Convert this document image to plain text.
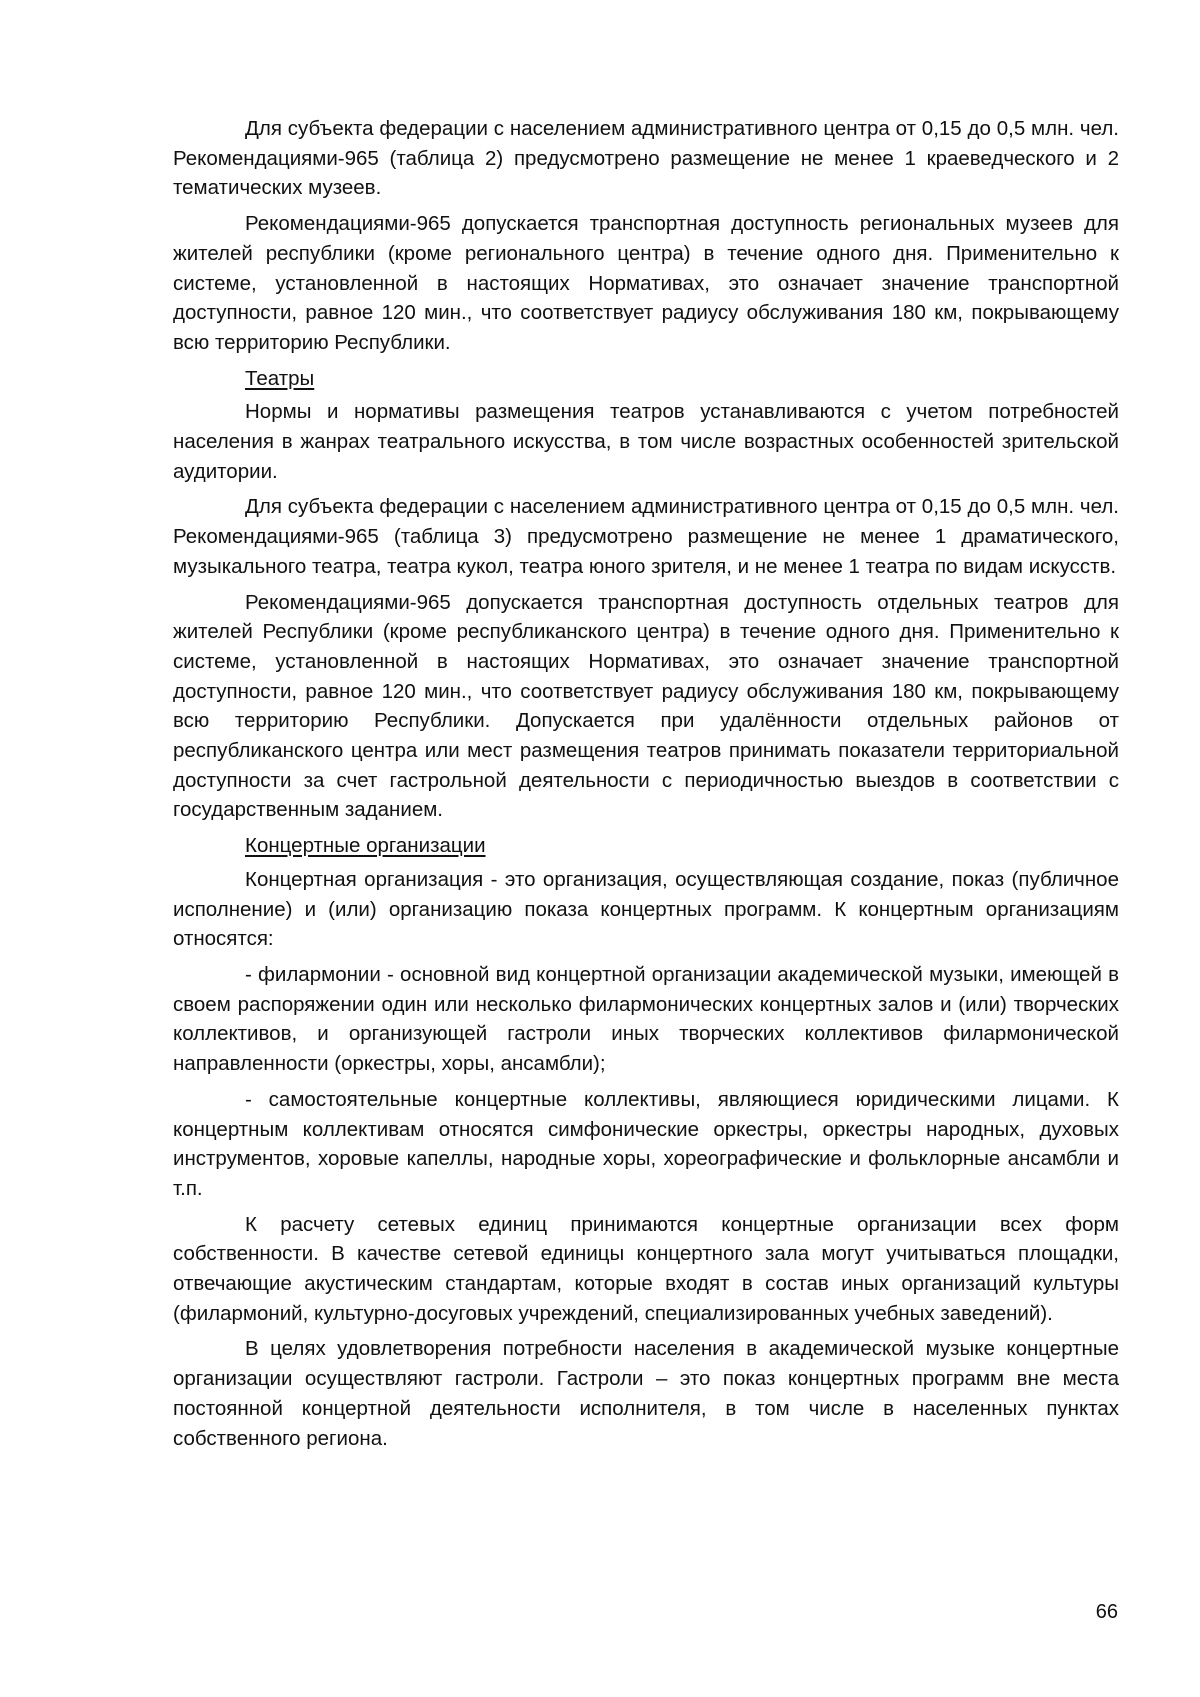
Для субъекта федерации с населением административного центра от 0,15 до 0,5 млн. чел. Рекомендациями-965 (таблица 2) предусмотрено размещение не менее 1 краеведческого и 2 тематических музеев.

Рекомендациями-965 допускается транспортная доступность региональных музеев для жителей республики (кроме регионального центра) в течение одного дня. Применительно к системе, установленной в настоящих Нормативах, это означает значение транспортной доступности, равное 120 мин., что соответствует радиусу обслуживания 180 км, покрывающему всю территорию Республики.

Театры

Нормы и нормативы размещения театров устанавливаются с учетом потребностей населения в жанрах театрального искусства, в том числе возрастных особенностей зрительской аудитории.

Для субъекта федерации с населением административного центра от 0,15 до 0,5 млн. чел. Рекомендациями-965 (таблица 3) предусмотрено размещение не менее 1 драматического, музыкального театра, театра кукол, театра юного зрителя, и не менее 1 театра по видам искусств.

Рекомендациями-965 допускается транспортная доступность отдельных театров для жителей Республики (кроме республиканского центра) в течение одного дня. Применительно к системе, установленной в настоящих Нормативах, это означает значение транспортной доступности, равное 120 мин., что соответствует радиусу обслуживания 180 км, покрывающему всю территорию Республики. Допускается при удалённости отдельных районов от республиканского центра или мест размещения театров принимать показатели территориальной доступности за счет гастрольной деятельности с периодичностью выездов в соответствии с государственным заданием.

Концертные организации

Концертная организация - это организация, осуществляющая создание, показ (публичное исполнение) и (или) организацию показа концертных программ. К концертным организациям относятся:

- филармонии - основной вид концертной организации академической музыки, имеющей в своем распоряжении один или несколько филармонических концертных залов и (или) творческих коллективов, и организующей гастроли иных творческих коллективов филармонической направленности (оркестры, хоры, ансамбли);

- самостоятельные концертные коллективы, являющиеся юридическими лицами. К концертным коллективам относятся симфонические оркестры, оркестры народных, духовых инструментов, хоровые капеллы, народные хоры, хореографические и фольклорные ансамбли и т.п.

К расчету сетевых единиц принимаются концертные организации всех форм собственности. В качестве сетевой единицы концертного зала могут учитываться площадки, отвечающие акустическим стандартам, которые входят в состав иных организаций культуры (филармоний, культурно-досуговых учреждений, специализированных учебных заведений).

В целях удовлетворения потребности населения в академической музыке концертные организации осуществляют гастроли. Гастроли – это показ концертных программ вне места постоянной концертной деятельности исполнителя, в том числе в населенных пунктах собственного региона.

66
